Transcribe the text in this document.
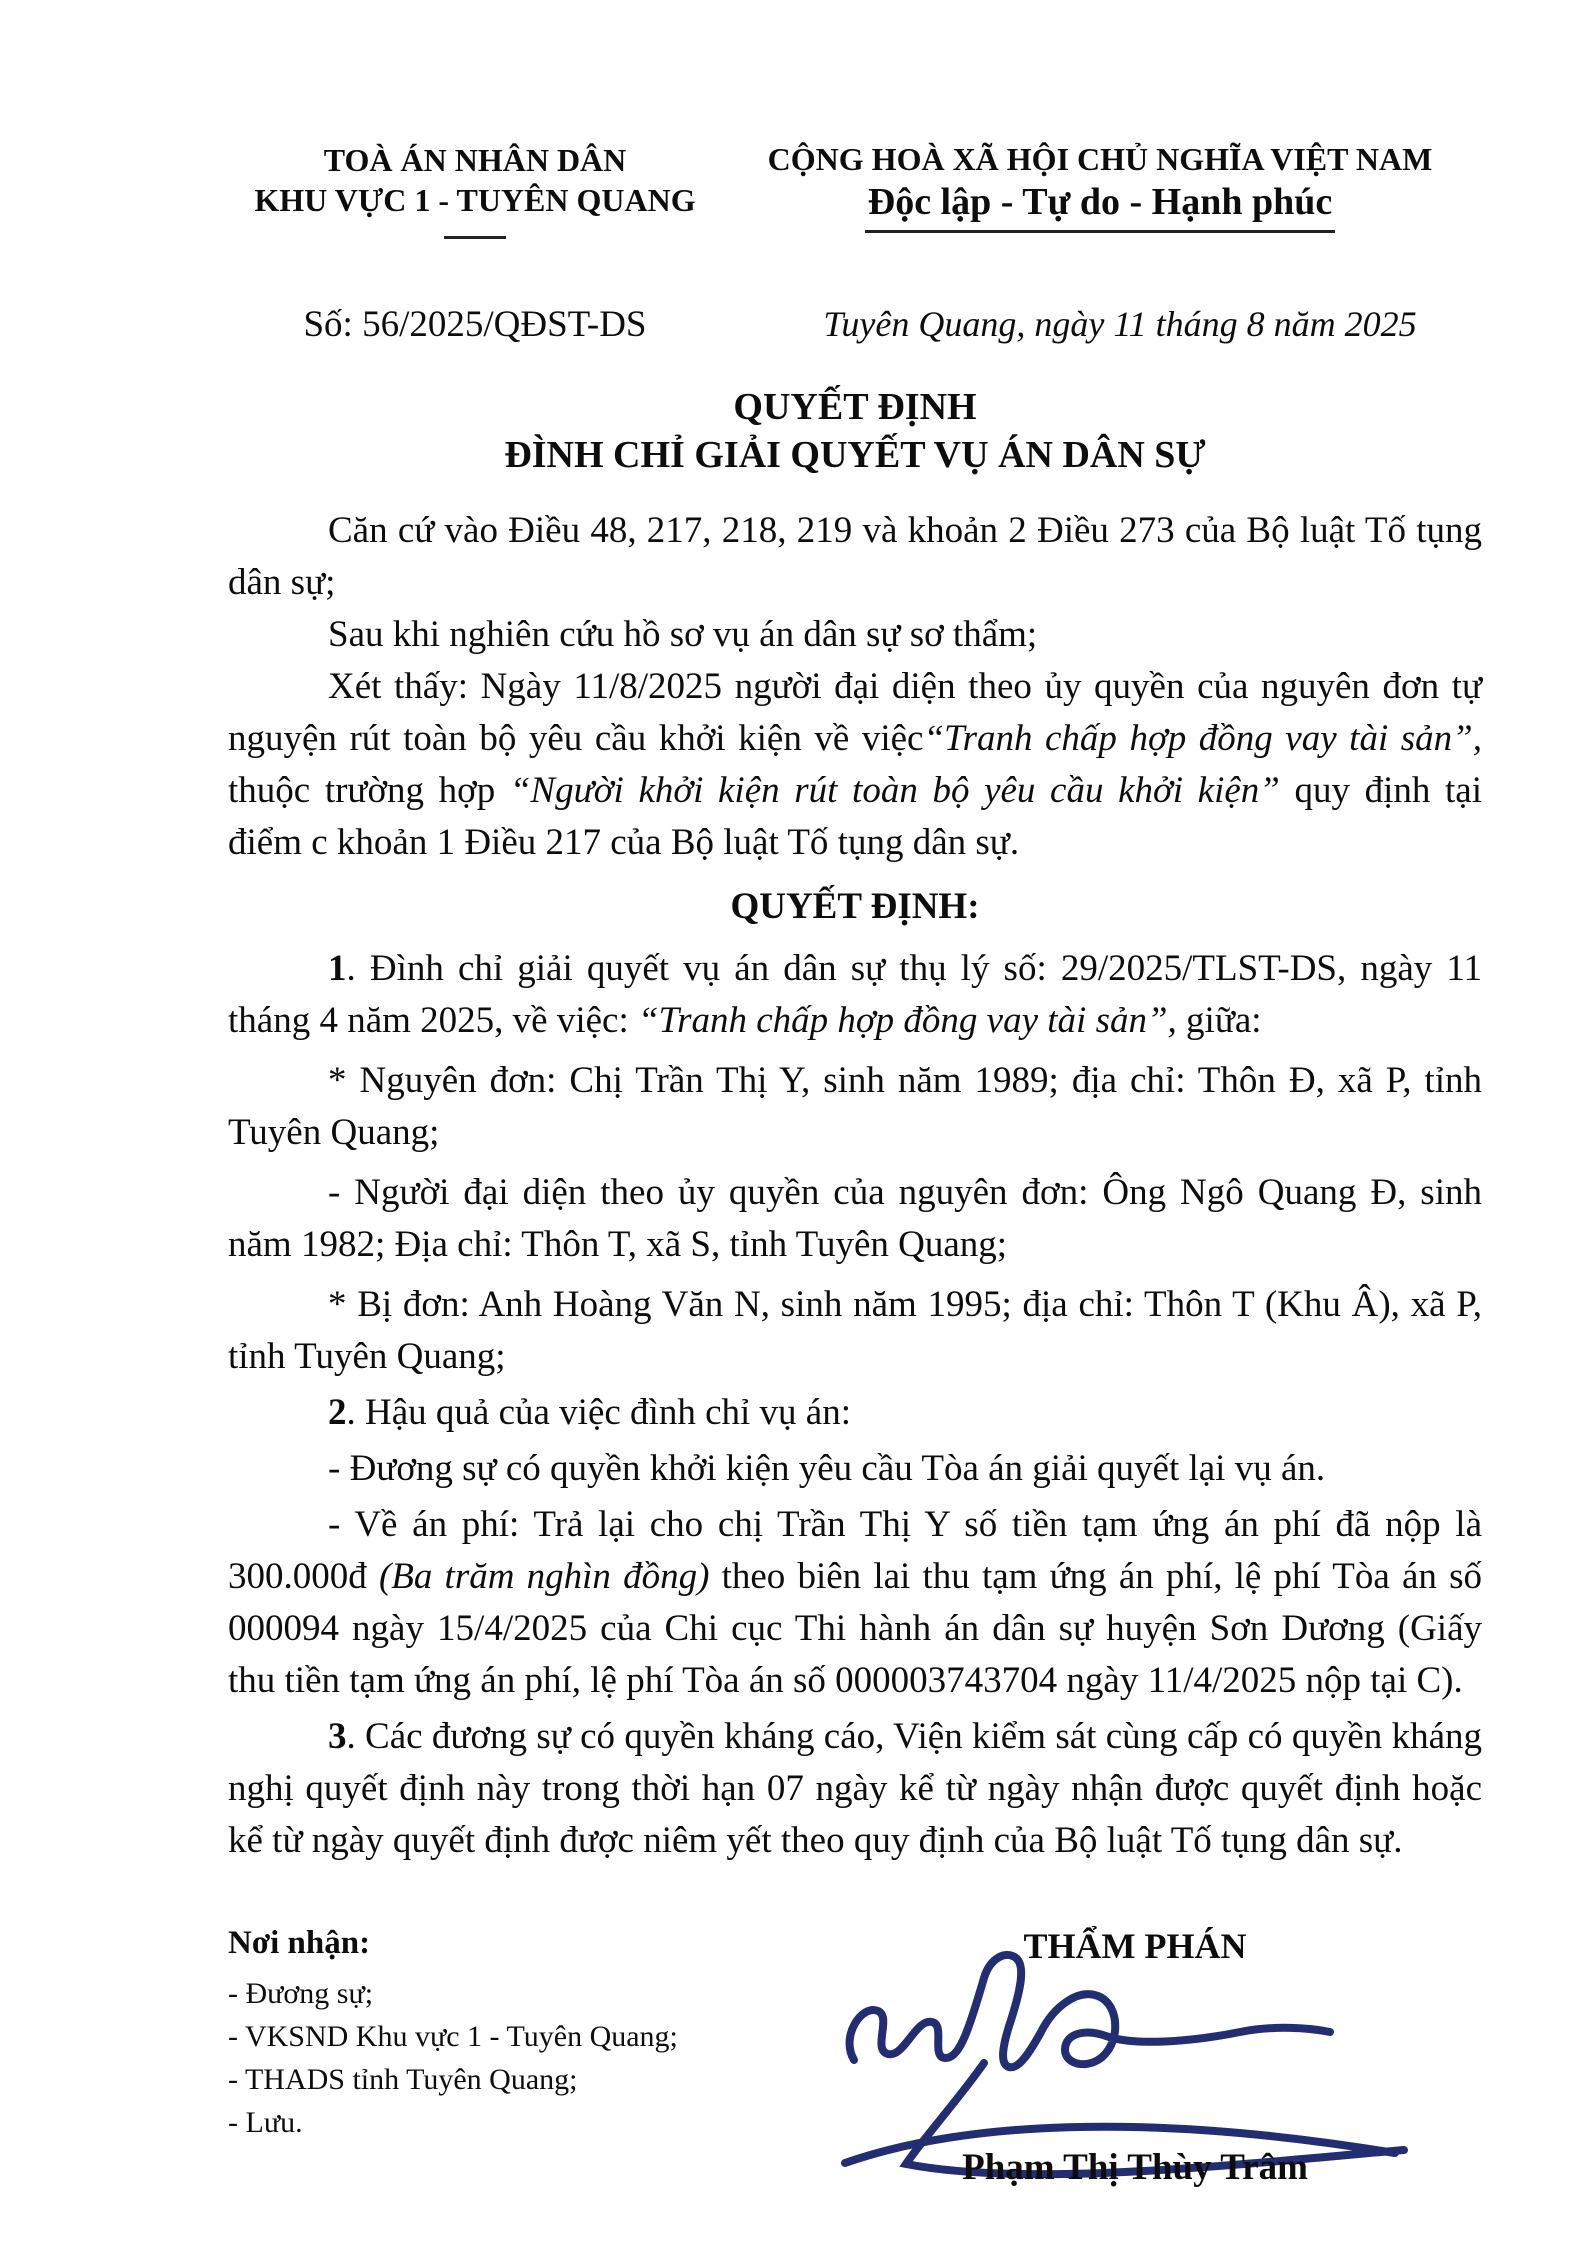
TOÀ ÁN NHÂN DÂN
KHU VỰC 1 - TUYÊN QUANG
CỘNG HOÀ XÃ HỘI CHỦ NGHĨA VIỆT NAM
Độc lập - Tự do - Hạnh phúc
Số: 56/2025/QĐST-DS	Tuyên Quang, ngày 11 tháng 8 năm 2025
QUYẾT ĐỊNH
ĐÌNH CHỈ GIẢI QUYẾT VỤ ÁN DÂN SỰ

Căn cứ vào Điều 48, 217, 218, 219 và khoản 2 Điều 273 của Bộ luật Tố tụng dân sự;

Sau khi nghiên cứu hồ sơ vụ án dân sự sơ thẩm;

Xét thấy: Ngày 11/8/2025 người đại diện theo ủy quyền của nguyên đơn tự nguyện rút toàn bộ yêu cầu khởi kiện về việc“Tranh chấp hợp đồng vay tài sản”, thuộc trường hợp “Người khởi kiện rút toàn bộ yêu cầu khởi kiện” quy định tại điểm c khoản 1 Điều 217 của Bộ luật Tố tụng dân sự.

QUYẾT ĐỊNH:

1. Đình chỉ giải quyết vụ án dân sự thụ lý số: 29/2025/TLST-DS, ngày 11 tháng 4 năm 2025, về việc: “Tranh chấp hợp đồng vay tài sản”, giữa:

* Nguyên đơn: Chị Trần Thị Y, sinh năm 1989; địa chỉ: Thôn Đ, xã P, tỉnh Tuyên Quang;

- Người đại diện theo ủy quyền của nguyên đơn: Ông Ngô Quang Đ, sinh năm 1982; Địa chỉ: Thôn T, xã S, tỉnh Tuyên Quang;

* Bị đơn: Anh Hoàng Văn N, sinh năm 1995; địa chỉ: Thôn T (Khu Â), xã P, tỉnh Tuyên Quang;

2. Hậu quả của việc đình chỉ vụ án:

- Đương sự có quyền khởi kiện yêu cầu Tòa án giải quyết lại vụ án.

- Về án phí: Trả lại cho chị Trần Thị Y số tiền tạm ứng án phí đã nộp là 300.000đ (Ba trăm nghìn đồng) theo biên lai thu tạm ứng án phí, lệ phí Tòa án số 000094 ngày 15/4/2025 của Chi cục Thi hành án dân sự huyện Sơn Dương (Giấy thu tiền tạm ứng án phí, lệ phí Tòa án số 000003743704 ngày 11/4/2025 nộp tại C).

3. Các đương sự có quyền kháng cáo, Viện kiểm sát cùng cấp có quyền kháng nghị quyết định này trong thời hạn 07 ngày kể từ ngày nhận được quyết định hoặc kể từ ngày quyết định được niêm yết theo quy định của Bộ luật Tố tụng dân sự.

Nơi nhận:
- Đương sự;
- VKSND Khu vực 1 - Tuyên Quang;
- THADS tỉnh Tuyên Quang;
- Lưu.
THẨM PHÁN
Phạm Thị Thùy Trâm
